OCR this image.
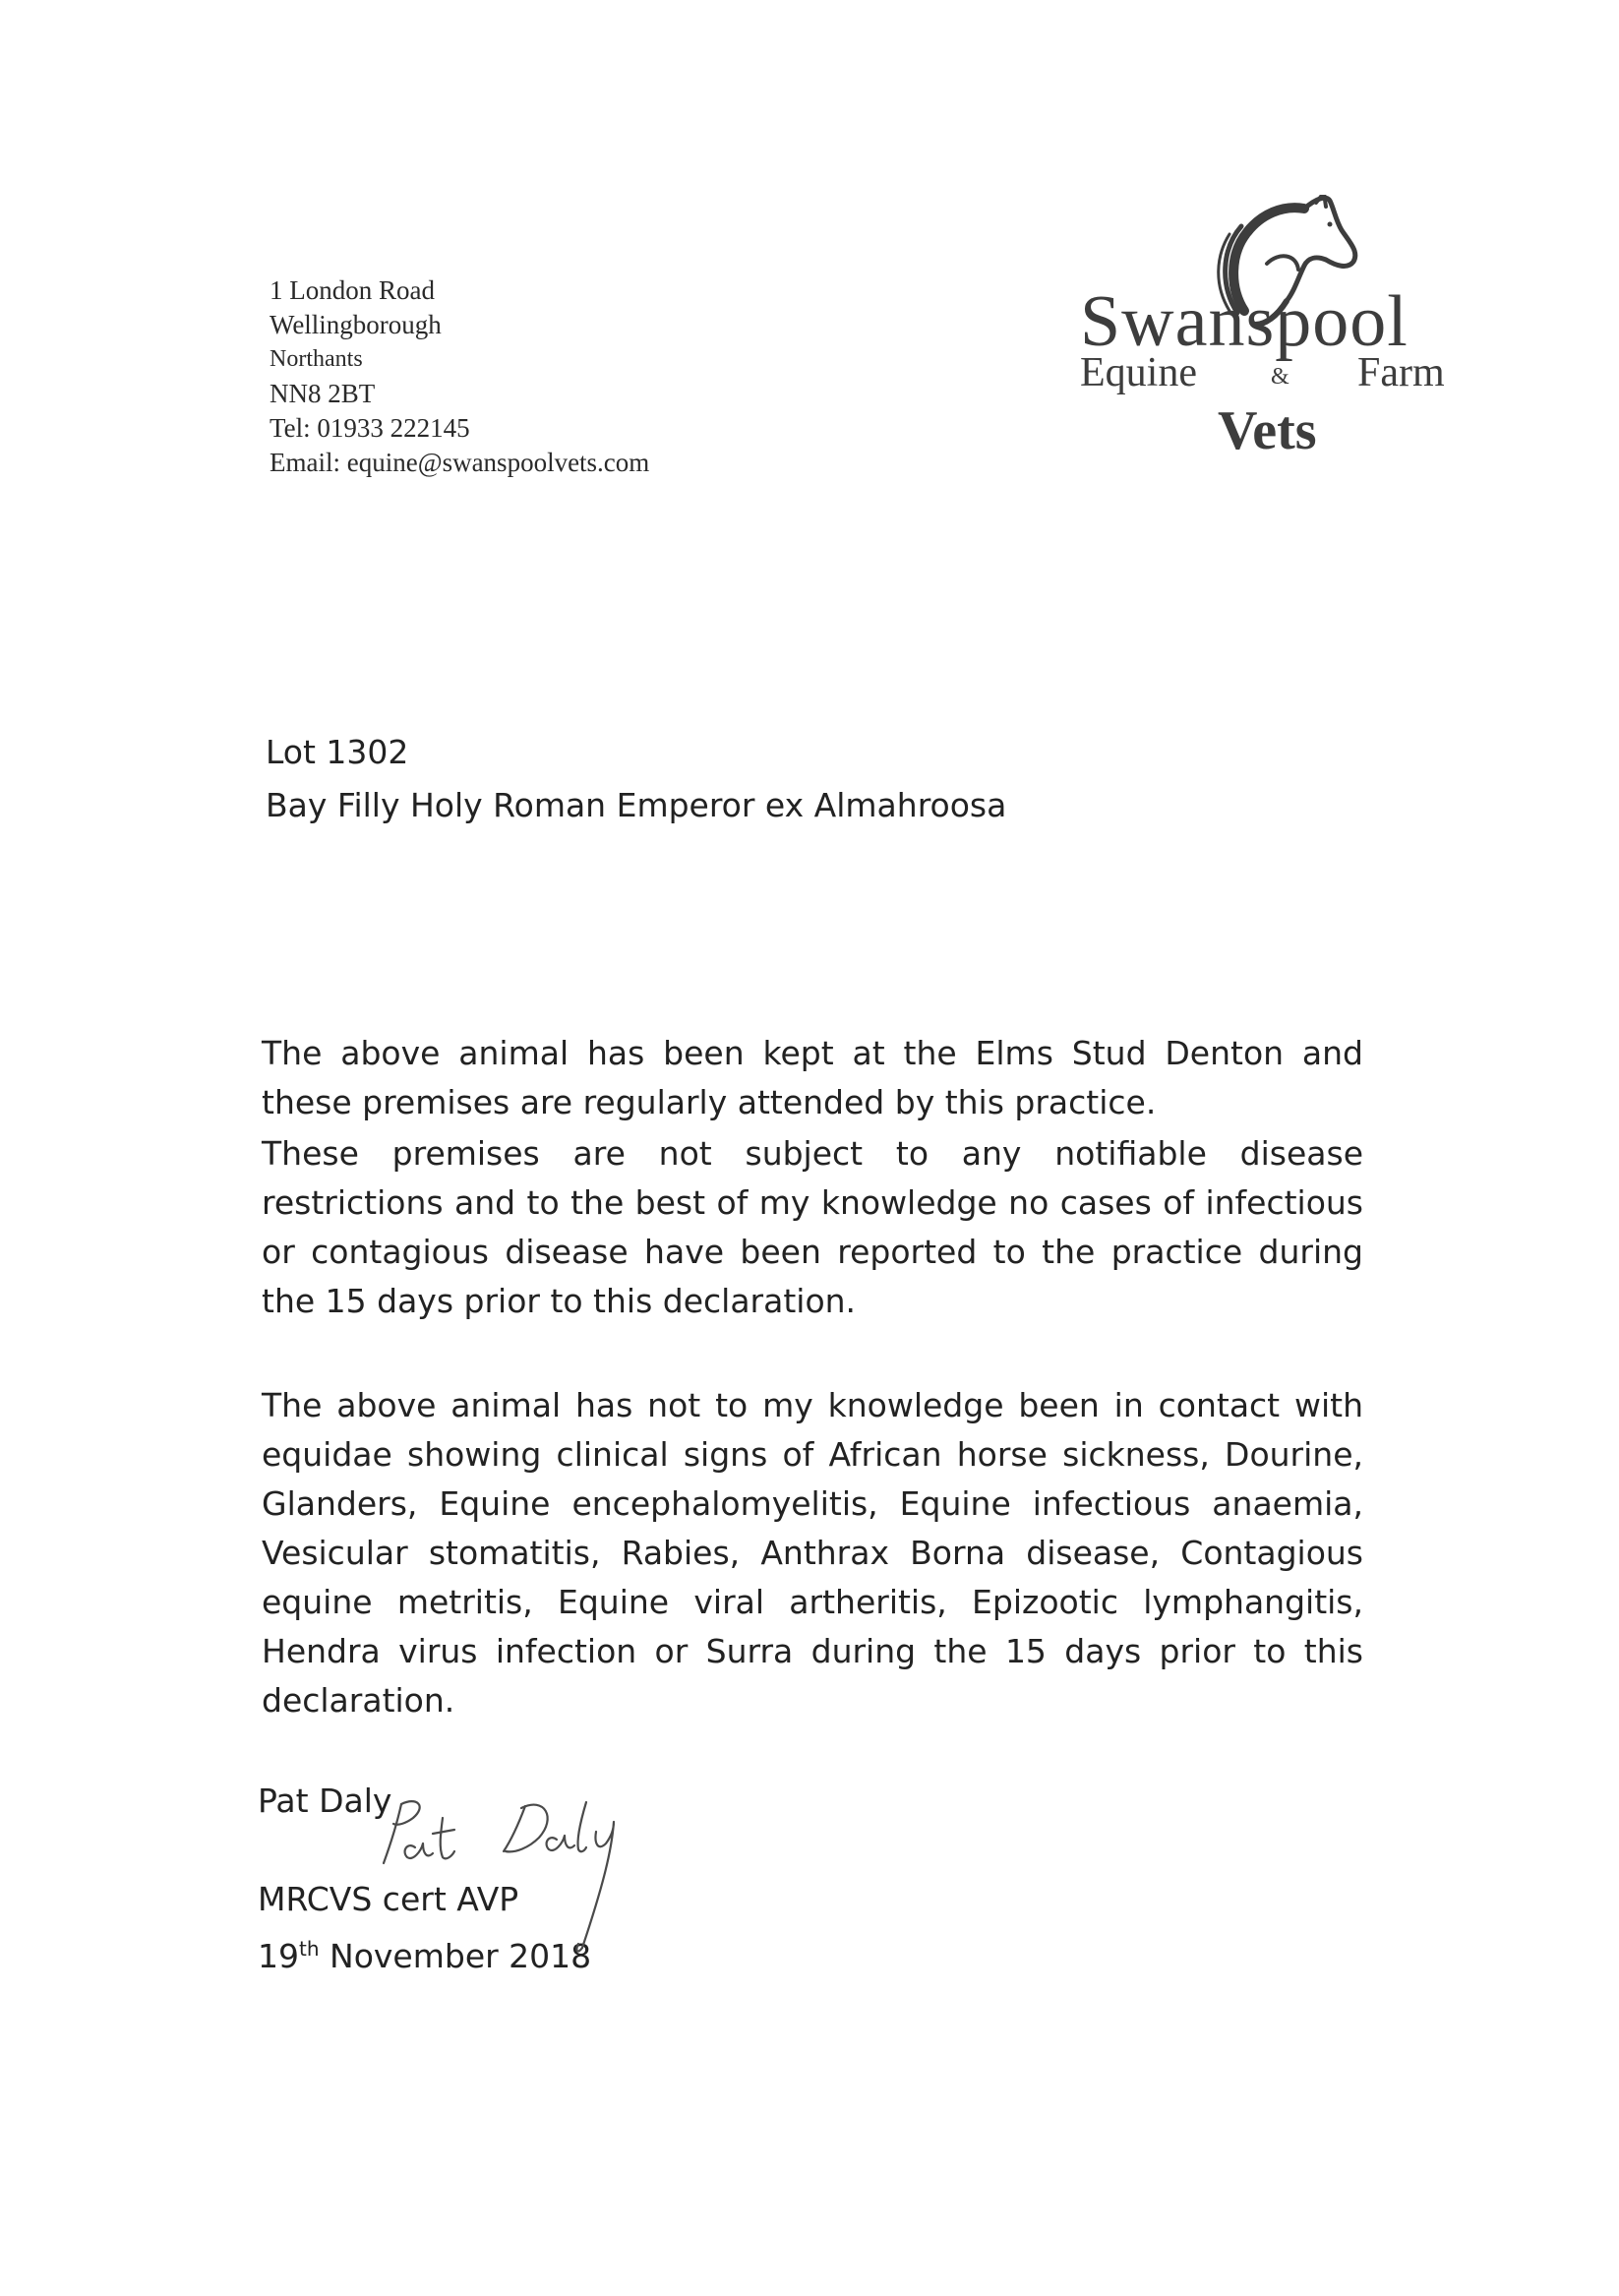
1 London Road
Wellingborough
Northants
NN8 2BT
Tel: 01933 222145
Email: equine@swanspoolvets.com
Swanspool
Equine	& Farm
Vets
Lot 1302
Bay Filly Holy Roman Emperor ex Almahroosa

The above animal has been kept at the Elms Stud Denton and these premises are regularly attended by this practice.

These premises are not subject to any notifiable disease restrictions and to the best of my knowledge no cases of infectious or contagious disease have been reported to the practice during the 15 days prior to this declaration.

The above animal has not to my knowledge been in contact with equidae showing clinical signs of African horse sickness, Dourine, Glanders, Equine encephalomyelitis, Equine infectious anaemia, Vesicular stomatitis, Rabies, Anthrax Borna disease, Contagious equine metritis, Equine viral artheritis, Epizootic lymphangitis, Hendra virus infection or Surra during the 15 days prior to this declaration.

Pat Daly
MRCVS cert AVP
19th November 2018
